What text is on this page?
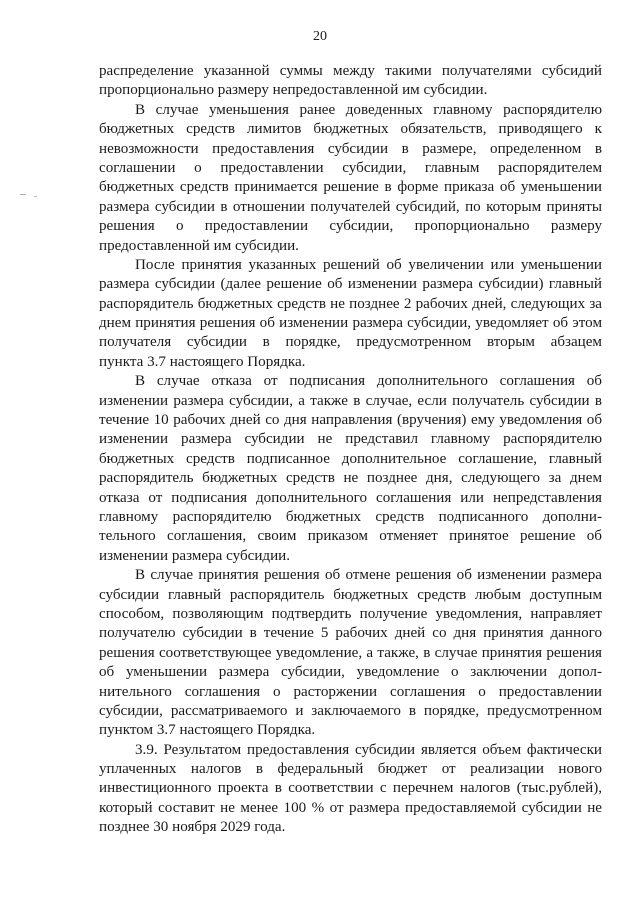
20
распределение указанной суммы между такими получателями субсидий
пропорционально размеру непредоставленной им субсидии.
В случае уменьшения ранее доведенных главному распорядителю
бюджетных средств лимитов бюджетных обязательств, приводящего к
невозможности предоставления субсидии в размере, определенном в
соглашении о предоставлении субсидии, главным распорядителем
бюджетных средств принимается решение в форме приказа об уменьшении
размера субсидии в отношении получателей субсидий, по которым приняты
решения о предоставлении субсидии, пропорционально размеру
предоставленной им субсидии.
После принятия указанных решений об увеличении или уменьшении
размера субсидии (далее решение об изменении размера субсидии) главный
распорядитель бюджетных средств не позднее 2 рабочих дней, следующих за
днем принятия решения об изменении размера субсидии, уведомляет об этом
получателя субсидии в порядке, предусмотренном вторым абзацем
пункта 3.7 настоящего Порядка.
В случае отказа от подписания дополнительного соглашения об
изменении размера субсидии, а также в случае, если получатель субсидии в
течение 10 рабочих дней со дня направления (вручения) ему уведомления об
изменении размера субсидии не представил главному распорядителю
бюджетных средств подписанное дополнительное соглашение, главный
распорядитель бюджетных средств не позднее дня, следующего за днем
отказа от подписания дополнительного соглашения или непредставления
главному распорядителю бюджетных средств подписанного дополни-
тельного соглашения, своим приказом отменяет принятое решение об
изменении размера субсидии.
В случае принятия решения об отмене решения об изменении размера
субсидии главный распорядитель бюджетных средств любым доступным
способом, позволяющим подтвердить получение уведомления, направляет
получателю субсидии в течение 5 рабочих дней со дня принятия данного
решения соответствующее уведомление, а также, в случае принятия решения
об уменьшении размера субсидии, уведомление о заключении допол-
нительного соглашения о расторжении соглашения о предоставлении
субсидии, рассматриваемого и заключаемого в порядке, предусмотренном
пунктом 3.7 настоящего Порядка.
3.9. Результатом предоставления субсидии является объем фактически
уплаченных налогов в федеральный бюджет от реализации нового
инвестиционного проекта в соответствии с перечнем налогов (тыс.рублей),
который составит не менее 100 % от размера предоставляемой субсидии не
позднее 30 ноября 2029 года.
